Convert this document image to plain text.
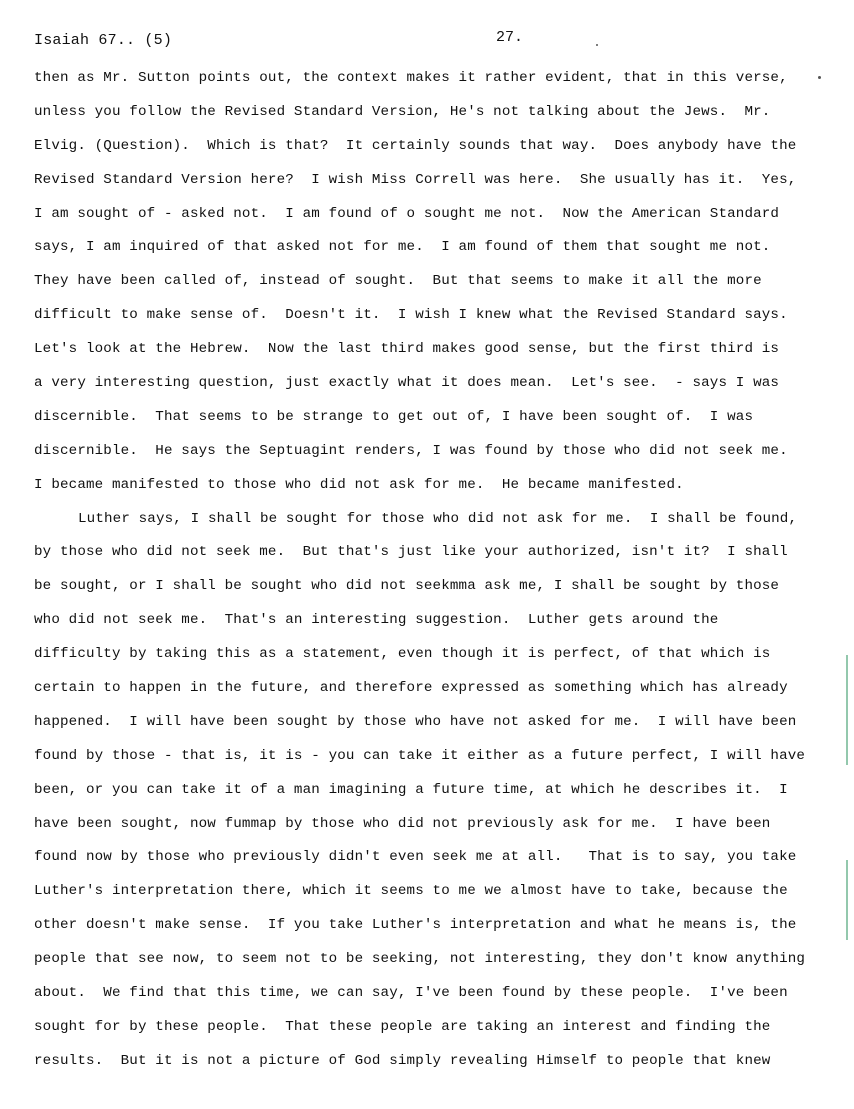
Isaiah 67.. (5)	27.
then as Mr. Sutton points out, the context makes it rather evident, that in this verse,
unless you follow the Revised Standard Version, He's not talking about the Jews.  Mr.
Elvig. (Question).  Which is that?  It certainly sounds that way.  Does anybody have the
Revised Standard Version here?  I wish Miss Correll was here.  She usually has it.  Yes,
I am sought of - asked not.  I am found of o sought me not.  Now the American Standard
says, I am inquired of that asked not for me.  I am found of them that sought me not.
They have been called of, instead of sought.  But that seems to make it all the more
difficult to make sense of.  Doesn't it.  I wish I knew what the Revised Standard says.
Let's look at the Hebrew.  Now the last third makes good sense, but the first third is
a very interesting question, just exactly what it does mean.  Let's see.  - says I was
discernible.  That seems to be strange to get out of, I have been sought of.  I was
discernible.  He says the Septuagint renders, I was found by those who did not seek me.
I became manifested to those who did not ask for me.  He became manifested.
Luther says, I shall be sought for those who did not ask for me.  I shall be found,
by those who did not seek me.  But that's just like your authorized, isn't it?  I shall
be sought, or I shall be sought who did not seekmma ask me, I shall be sought by those
who did not seek me.  That's an interesting suggestion.  Luther gets around the
difficulty by taking this as a statement, even though it is perfect, of that which is
certain to happen in the future, and therefore expressed as something which has already
happened.  I will have been sought by those who have not asked for me.  I will have been
found by those - that is, it is - you can take it either as a future perfect, I will have
been, or you can take it of a man imagining a future time, at which he describes it.  I
have been sought, now fummap by those who did not previously ask for me.  I have been
found now by those who previously didn't even seek me at all.   That is to say, you take
Luther's interpretation there, which it seems to me we almost have to take, because the
other doesn't make sense.  If you take Luther's interpretation and what he means is, the
people that see now, to seem not to be seeking, not interesting, they don't know anything
about.  We find that this time, we can say, I've been found by these people.  I've been
sought for by these people.  That these people are taking an interest and finding the
results.  But it is not a picture of God simply revealing Himself to people that knew
